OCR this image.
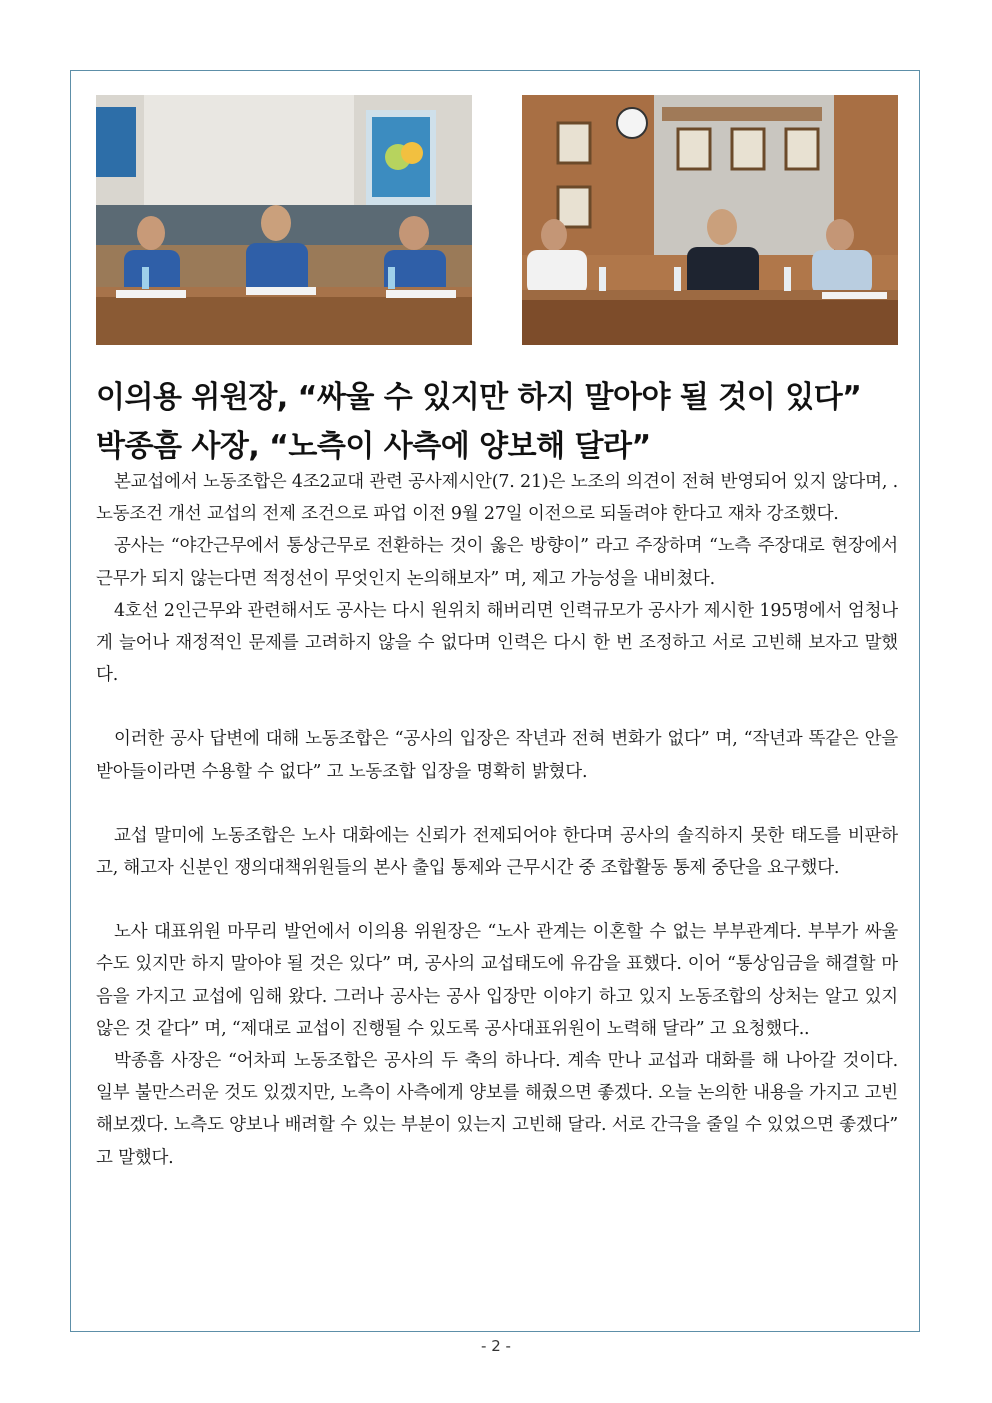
이의용 위원장, “싸울 수 있지만 하지 말아야 될 것이 있다”
박종흠 사장, “노측이 사측에 양보해 달라”

본교섭에서 노동조합은 4조2교대 관련 공사제시안(7. 21)은 노조의 의견이 전혀 반영되어 있지 않다며, .노동조건 개선 교섭의 전제 조건으로 파업 이전 9월 27일 이전으로 되돌려야 한다고 재차 강조했다.

공사는 “야간근무에서 통상근무로 전환하는 것이 옳은 방향이” 라고 주장하며 “노측 주장대로 현장에서 근무가 되지 않는다면 적정선이 무엇인지 논의해보자” 며, 제고 가능성을 내비쳤다.

4호선 2인근무와 관련해서도 공사는 다시 원위치 해버리면 인력규모가 공사가 제시한 195명에서 엄청나게 늘어나 재정적인 문제를 고려하지 않을 수 없다며 인력은 다시 한 번 조정하고 서로 고빈해 보자고 말했다.

이러한 공사 답변에 대해 노동조합은 “공사의 입장은 작년과 전혀 변화가 없다” 며, “작년과 똑같은 안을 받아들이라면 수용할 수 없다” 고 노동조합 입장을 명확히 밝혔다.

교섭 말미에 노동조합은 노사 대화에는 신뢰가 전제되어야 한다며 공사의 솔직하지 못한 태도를 비판하고, 해고자 신분인 쟁의대책위원들의 본사 출입 통제와 근무시간 중 조합활동 통제 중단을 요구했다.

노사 대표위원 마무리 발언에서 이의용 위원장은 “노사 관계는 이혼할 수 없는 부부관계다. 부부가 싸울 수도 있지만 하지 말아야 될 것은 있다” 며, 공사의 교섭태도에 유감을 표했다. 이어 “통상임금을 해결할 마음을 가지고 교섭에 임해 왔다. 그러나 공사는 공사 입장만 이야기 하고 있지 노동조합의 상처는 알고 있지 않은 것 같다” 며, “제대로 교섭이 진행될 수 있도록 공사대표위원이 노력해 달라” 고 요청했다..

박종흠 사장은 “어차피 노동조합은 공사의 두 축의 하나다. 계속 만나 교섭과 대화를 해 나아갈 것이다. 일부 불만스러운 것도 있겠지만, 노측이 사측에게 양보를 해줬으면 좋겠다. 오늘 논의한 내용을 가지고 고빈해보겠다. 노측도 양보나 배려할 수 있는 부분이 있는지 고빈해 달라. 서로 간극을 줄일 수 있었으면 좋겠다” 고 말했다.

- 2 -
